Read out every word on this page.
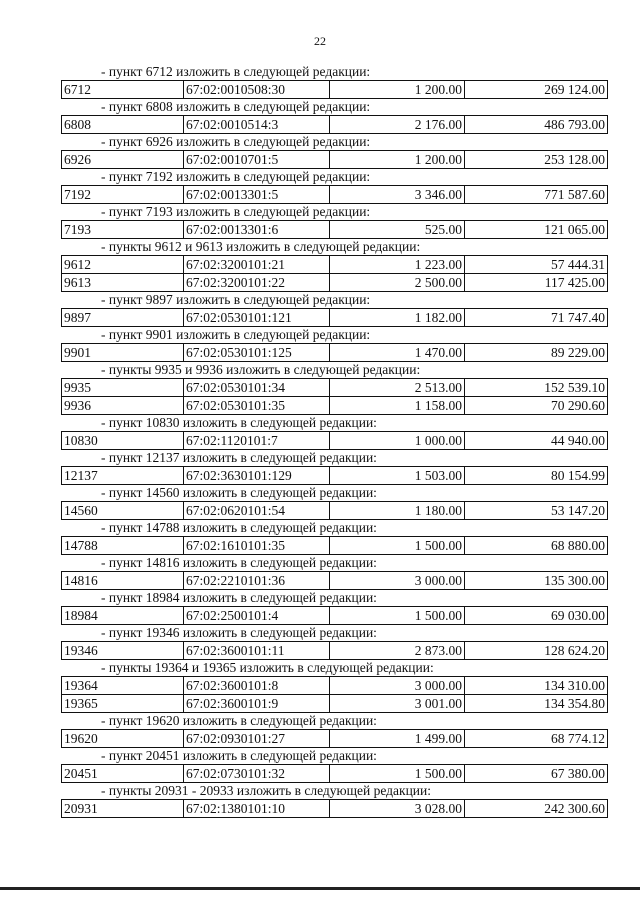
22
- пункт 6712 изложить в следующей редакции:
6712	67:02:0010508:30	1 200.00	269 124.00
- пункт 6808 изложить в следующей редакции:
6808	67:02:0010514:3	2 176.00	486 793.00
- пункт 6926 изложить в следующей редакции:
6926	67:02:0010701:5	1 200.00	253 128.00
- пункт 7192 изложить в следующей редакции:
7192	67:02:0013301:5	3 346.00	771 587.60
- пункт 7193 изложить в следующей редакции:
7193	67:02:0013301:6	525.00	121 065.00
- пункты 9612 и 9613 изложить в следующей редакции:
9612	67:02:3200101:21	1 223.00	57 444.31
9613	67:02:3200101:22	2 500.00	117 425.00
- пункт 9897 изложить в следующей редакции:
9897	67:02:0530101:121	1 182.00	71 747.40
- пункт 9901 изложить в следующей редакции:
9901	67:02:0530101:125	1 470.00	89 229.00
- пункты 9935 и 9936 изложить в следующей редакции:
9935	67:02:0530101:34	2 513.00	152 539.10
9936	67:02:0530101:35	1 158.00	70 290.60
- пункт 10830 изложить в следующей редакции:
10830	67:02:1120101:7	1 000.00	44 940.00
- пункт 12137 изложить в следующей редакции:
12137	67:02:3630101:129	1 503.00	80 154.99
- пункт 14560 изложить в следующей редакции:
14560	67:02:0620101:54	1 180.00	53 147.20
- пункт 14788 изложить в следующей редакции:
14788	67:02:1610101:35	1 500.00	68 880.00
- пункт 14816 изложить в следующей редакции:
14816	67:02:2210101:36	3 000.00	135 300.00
- пункт 18984 изложить в следующей редакции:
18984	67:02:2500101:4	1 500.00	69 030.00
- пункт 19346 изложить в следующей редакции:
19346	67:02:3600101:11	2 873.00	128 624.20
- пункты 19364 и 19365 изложить в следующей редакции:
19364	67:02:3600101:8	3 000.00	134 310.00
19365	67:02:3600101:9	3 001.00	134 354.80
- пункт 19620 изложить в следующей редакции:
19620	67:02:0930101:27	1 499.00	68 774.12
- пункт 20451 изложить в следующей редакции:
20451	67:02:0730101:32	1 500.00	67 380.00
- пункты 20931 - 20933 изложить в следующей редакции:
20931	67:02:1380101:10	3 028.00	242 300.60
